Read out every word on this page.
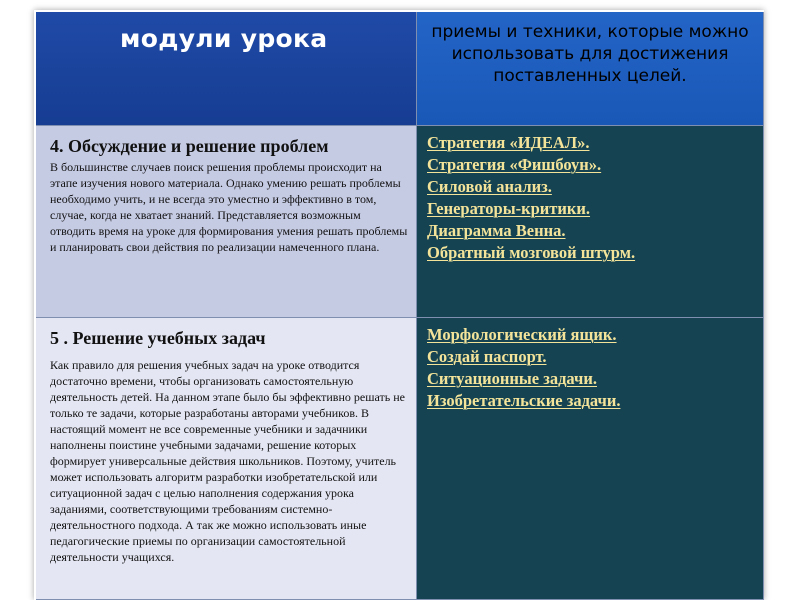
модули урока	приемы и техники, которые можно использовать для достижения поставленных целей.
4. Обсуждение и решение проблем
В большинстве случаев поиск решения проблемы происходит на этапе изучения нового материала. Однако умению решать проблемы необходимо учить, и не всегда это уместно и эффективно в том, случае, когда не хватает знаний. Представляется возможным отводить время на уроке для формирования умения решать проблемы и планировать свои действия по реализации намеченного плана.
Стратегия «ИДЕАЛ».
Стратегия «Фишбоун».
Силовой анализ.
Генераторы-критики.
Диаграмма Венна.
Обратный мозговой штурм.
5 . Решение учебных задач
Как правило для решения учебных задач на уроке отводится достаточно времени, чтобы организовать самостоятельную деятельность детей. На данном этапе было бы эффективно решать не только те задачи, которые разработаны авторами учебников. В настоящий момент не все современные учебники и задачники наполнены поистине учебными задачами, решение которых формирует универсальные действия школьников. Поэтому, учитель может использовать алгоритм разработки изобретательской или ситуационной задач с целью наполнения содержания урока заданиями, соответствующими требованиям системно-деятельностного подхода. А так же можно использовать иные педагогические приемы по организации самостоятельной деятельности учащихся.
Морфологический ящик.
Создай паспорт.
Ситуационные задачи.
Изобретательские задачи.
